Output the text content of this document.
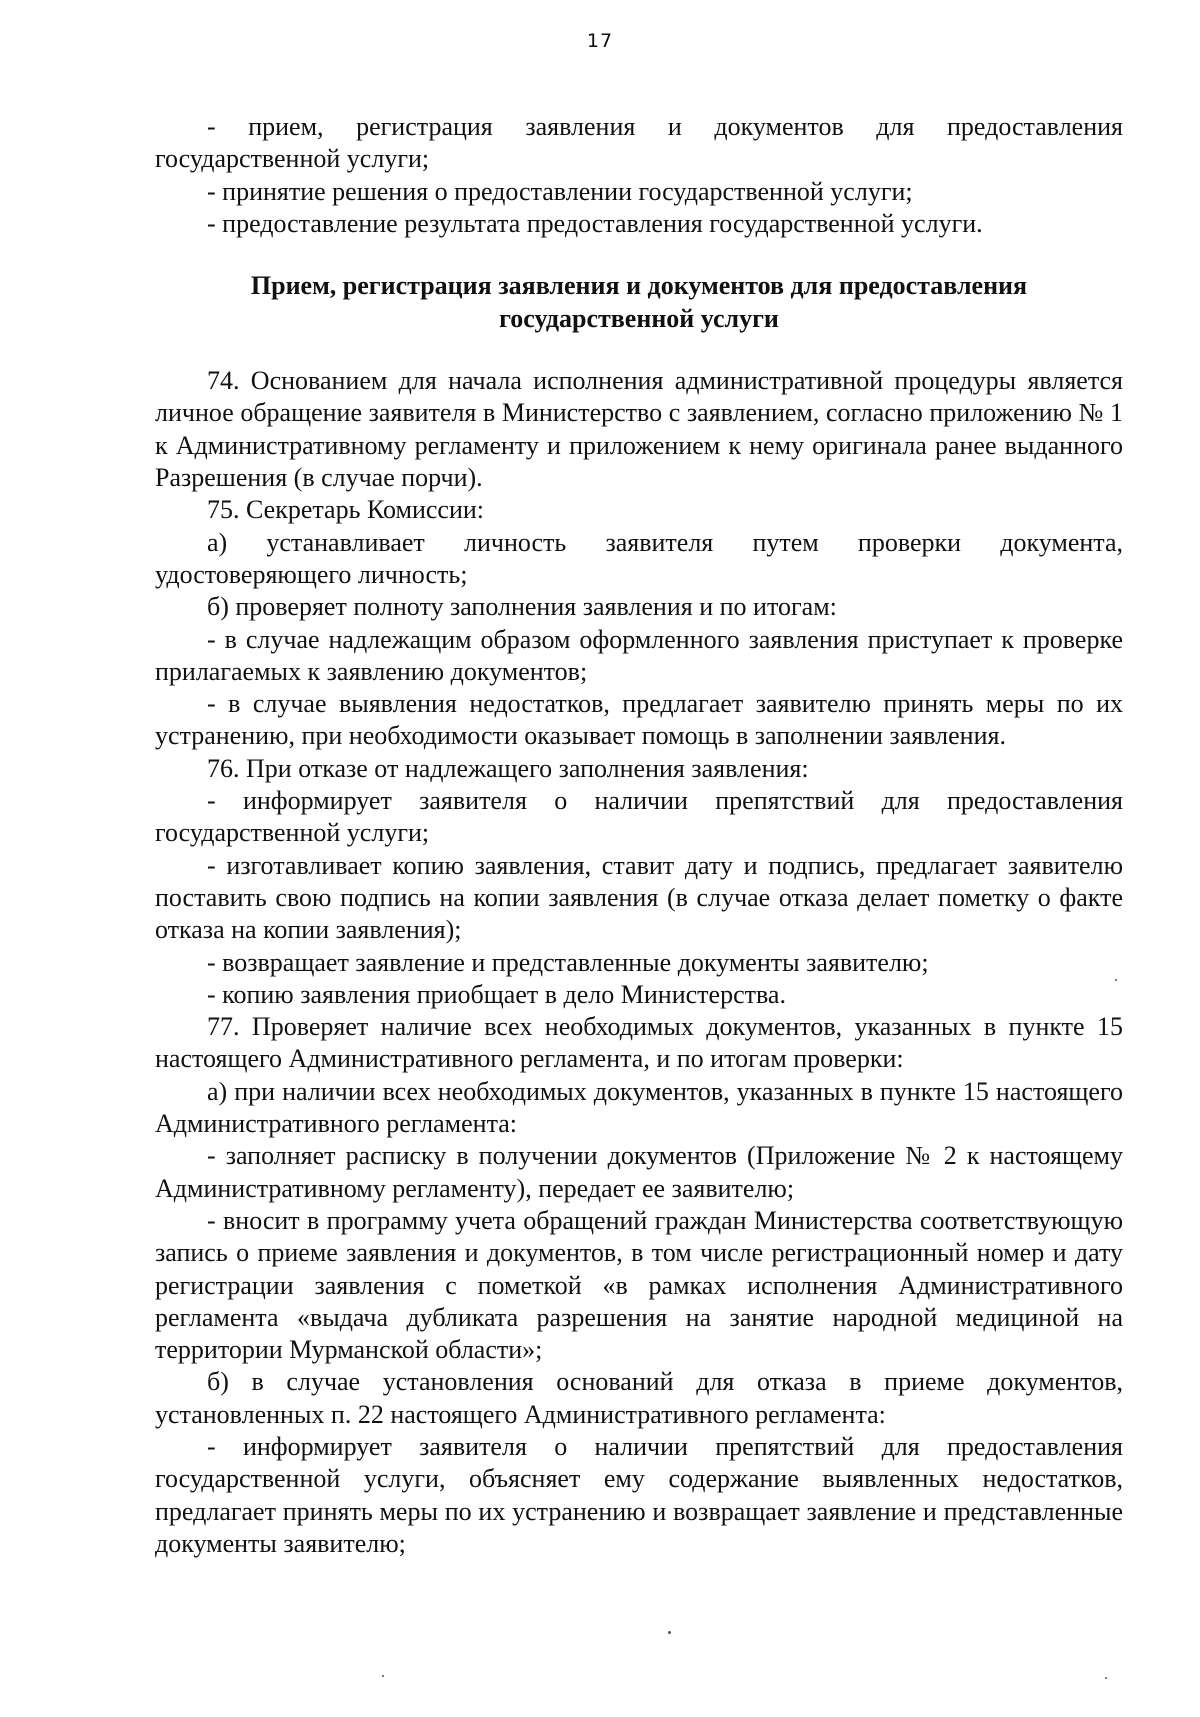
17

- прием, регистрация заявления и документов для предоставления государственной услуги;

- принятие решения о предоставлении государственной услуги;

- предоставление результата предоставления государственной услуги.

Прием, регистрация заявления и документов для предоставления государственной услуги

74. Основанием для начала исполнения административной процедуры является личное обращение заявителя в Министерство с заявлением, согласно приложению № 1 к Административному регламенту и приложением к нему оригинала ранее выданного Разрешения (в случае порчи).

75. Секретарь Комиссии:

а) устанавливает личность заявителя путем проверки документа, удостоверяющего личность;

б) проверяет полноту заполнения заявления и по итогам:

- в случае надлежащим образом оформленного заявления приступает к проверке прилагаемых к заявлению документов;

- в случае выявления недостатков, предлагает заявителю принять меры по их устранению, при необходимости оказывает помощь в заполнении заявления.

76. При отказе от надлежащего заполнения заявления:

- информирует заявителя о наличии препятствий для предоставления государственной услуги;

- изготавливает копию заявления, ставит дату и подпись, предлагает заявителю поставить свою подпись на копии заявления (в случае отказа делает пометку о факте отказа на копии заявления);

- возвращает заявление и представленные документы заявителю;

- копию заявления приобщает в дело Министерства.

77. Проверяет наличие всех необходимых документов, указанных в пункте 15 настоящего Административного регламента, и по итогам проверки:

а) при наличии всех необходимых документов, указанных в пункте 15 настоящего Административного регламента:

- заполняет расписку в получении документов (Приложение № 2 к настоящему Административному регламенту), передает ее заявителю;

- вносит в программу учета обращений граждан Министерства соответствующую запись о приеме заявления и документов, в том числе регистрационный номер и дату регистрации заявления с пометкой «в рамках исполнения Административного регламента «выдача дубликата разрешения на занятие народной медициной на территории Мурманской области»;

б) в случае установления оснований для отказа в приеме документов, установленных п. 22 настоящего Административного регламента:

- информирует заявителя о наличии препятствий для предоставления государственной услуги, объясняет ему содержание выявленных недостатков, предлагает принять меры по их устранению и возвращает заявление и представленные документы заявителю;
